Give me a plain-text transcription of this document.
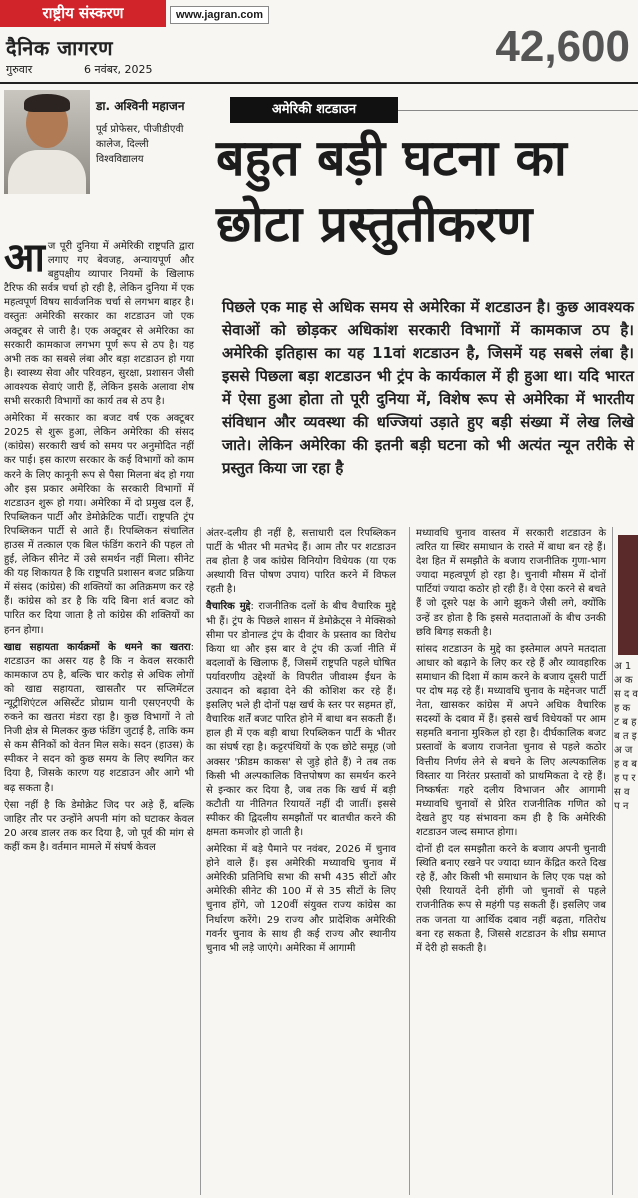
राष्ट्रीय संस्करण	www.jagran.com
दैनिक जागरण
गुरुवार	6 नवंबर, 2025	42,600
डा. अश्विनी महाजन
पूर्व प्रोफेसर, पीजीडीएवी कालेज, दिल्ली विश्वविद्यालय
अमेरिकी शटडाउन
बहुत बड़ी घटना का
छोटा प्रस्तुतीकरण
पिछले एक माह से अधिक समय से अमेरिका में शटडाउन है। कुछ आवश्यक सेवाओं को छोड़कर अधिकांश सरकारी विभागों में कामकाज ठप है। अमेरिकी इतिहास का यह 11वां शटडाउन है, जिसमें यह सबसे लंबा है। इससे पिछला बड़ा शटडाउन भी ट्रंप के कार्यकाल में ही हुआ था। यदि भारत में ऐसा हुआ होता तो पूरी दुनिया में, विशेष रूप से अमेरिका में भारतीय संविधान और व्यवस्था की धज्जियां उड़ाते हुए बड़ी संख्या में लेख लिखे जाते। लेकिन अमेरिका की इतनी बड़ी घटना को भी अत्यंत न्यून तरीके से प्रस्तुत किया जा रहा है

आज पूरी दुनिया में अमेरिकी राष्ट्रपति द्वारा लगाए गए बेवजह, अन्यायपूर्ण और बहुपक्षीय व्यापार नियमों के खिलाफ टैरिफ की सर्वत्र चर्चा हो रही है, लेकिन दुनिया में एक महत्वपूर्ण विषय सार्वजनिक चर्चा से लगभग बाहर है। वस्तुतः अमेरिकी सरकार का शटडाउन जो एक अक्टूबर से जारी है। एक अक्टूबर से अमेरिका का सरकारी कामकाज लगभग पूर्ण रूप से ठप है। यह अभी तक का सबसे लंबा और बड़ा शटडाउन हो गया है। स्वास्थ्य सेवा और परिवहन, सुरक्षा, प्रशासन जैसी आवश्यक सेवाएं जारी हैं, लेकिन इसके अलावा शेष सभी सरकारी विभागों का कार्य तब से ठप है।

अमेरिका में सरकार का बजट वर्ष एक अक्टूबर 2025 से शुरू हुआ, लेकिन अमेरिका की संसद (कांग्रेस) सरकारी खर्च को समय पर अनुमोदित नहीं कर पाई। इस कारण सरकार के कई विभागों को काम करने के लिए कानूनी रूप से पैसा मिलना बंद हो गया और इस प्रकार अमेरिका के सरकारी विभागों में शटडाउन शुरू हो गया। अमेरिका में दो प्रमुख दल हैं, रिपब्लिकन पार्टी और डेमोक्रेटिक पार्टी। राष्ट्रपति ट्रंप रिपब्लिकन पार्टी से आते हैं। रिपब्लिकन संचालित हाउस में तत्काल एक बिल फंडिंग कराने की पहल तो हुई, लेकिन सीनेट में उसे समर्थन नहीं मिला। सीनेट की यह शिकायत है कि राष्ट्रपति प्रशासन बजट प्रक्रिया में संसद (कांग्रेस) की शक्तियों का अतिक्रमण कर रहे हैं। कांग्रेस को डर है कि यदि बिना शर्त बजट को पारित कर दिया जाता है तो कांग्रेस की शक्तियों का हनन होगा।

खाद्य सहायता कार्यक्रमों के थमने का खतरा: शटडाउन का असर यह है कि न केवल सरकारी कामकाज ठप है, बल्कि चार करोड़ से अधिक लोगों को खाद्य सहायता, खासतौर पर सप्लिमेंटल न्यूट्रीशिएंटल असिस्टेंट प्रोग्राम यानी एसएनएपी के रुकने का खतरा मंडरा रहा है। कुछ विभागों ने तो निजी क्षेत्र से मिलकर कुछ फंडिंग जुटाई है, ताकि कम से कम सैनिकों को वेतन मिल सके। सदन (हाउस) के स्पीकर ने सदन को कुछ समय के लिए स्थगित कर दिया है, जिसके कारण यह शटडाउन और आगे भी बढ़ सकता है।

ऐसा नहीं है कि डेमोक्रेट जिद पर अड़े हैं, बल्कि जाहिर तौर पर उन्होंने अपनी मांग को घटाकर केवल 20 अरब डालर तक कर दिया है, जो पूर्व की मांग से कहीं कम है। वर्तमान मामले में संघर्ष केवल

अंतर-दलीय ही नहीं है, सत्ताधारी दल रिपब्लिकन पार्टी के भीतर भी मतभेद हैं। आम तौर पर शटडाउन तब होता है जब कांग्रेस विनियोग विधेयक (या एक अस्थायी वित्त पोषण उपाय) पारित करने में विफल रहती है।

वैचारिक मुद्दे: राजनीतिक दलों के बीच वैचारिक मुद्दे भी हैं। ट्रंप के पिछले शासन में डेमोक्रेट्स ने मेक्सिको सीमा पर डोनाल्ड ट्रंप के दीवार के प्रस्ताव का विरोध किया था और इस बार वे ट्रंप की ऊर्जा नीति में बदलावों के खिलाफ हैं, जिसमें राष्ट्रपति पहले घोषित पर्यावरणीय उद्देश्यों के विपरीत जीवाश्म ईंधन के उत्पादन को बढ़ावा देने की कोशिश कर रहे हैं। इसलिए भले ही दोनों पक्ष खर्च के स्तर पर सहमत हों, वैचारिक शर्तें बजट पारित होने में बाधा बन सकती हैं। हाल ही में एक बड़ी बाधा रिपब्लिकन पार्टी के भीतर का संघर्ष रहा है। कट्टरपंथियों के एक छोटे समूह (जो अक्सर 'फ्रीडम काकस' से जुड़े होते हैं) ने तब तक किसी भी अल्पकालिक वित्तपोषण का समर्थन करने से इन्कार कर दिया है, जब तक कि खर्च में बड़ी कटौती या नीतिगत रियायतें नहीं दी जातीं। इससे स्पीकर की द्विदलीय समझौतों पर बातचीत करने की क्षमता कमजोर हो जाती है।

अमेरिका में बड़े पैमाने पर नवंबर, 2026 में चुनाव होने वाले हैं। इस अमेरिकी मध्यावधि चुनाव में अमेरिकी प्रतिनिधि सभा की सभी 435 सीटों और अमेरिकी सीनेट की 100 में से 35 सीटों के लिए चुनाव होंगे, जो 120वीं संयुक्त राज्य कांग्रेस का निर्धारण करेंगे। 29 राज्य और प्रादेशिक अमेरिकी गवर्नर चुनाव के साथ ही कई राज्य और स्थानीय चुनाव भी लड़े जाएंगे। अमेरिका में आगामी

मध्यावधि चुनाव वास्तव में सरकारी शटडाउन के त्वरित या स्थिर समाधान के रास्ते में बाधा बन रहे हैं। देश हित में समझौते के बजाय राजनीतिक गुणा-भाग ज्यादा महत्वपूर्ण हो रहा है। चुनावी मौसम में दोनों पार्टियां ज्यादा कठोर हो रही हैं। वे ऐसा करने से बचते हैं जो दूसरे पक्ष के आगे झुकने जैसी लगे, क्योंकि उन्हें डर होता है कि इससे मतदाताओं के बीच उनकी छवि बिगड़ सकती है।

सांसद शटडाउन के मुद्दे का इस्तेमाल अपने मतदाता आधार को बढ़ाने के लिए कर रहे हैं और व्यावहारिक समाधान की दिशा में काम करने के बजाय दूसरी पार्टी पर दोष मढ़ रहे हैं। मध्यावधि चुनाव के मद्देनजर पार्टी नेता, खासकर कांग्रेस में अपने अधिक वैचारिक सदस्यों के दबाव में हैं। इससे खर्च विधेयकों पर आम सहमति बनाना मुश्किल हो रहा है। दीर्घकालिक बजट प्रस्तावों के बजाय राजनेता चुनाव से पहले कठोर वित्तीय निर्णय लेने से बचने के लिए अल्पकालिक विस्तार या निरंतर प्रस्तावों को प्राथमिकता दे रहे हैं। निष्कर्षतः गहरे दलीय विभाजन और आगामी मध्यावधि चुनावों से प्रेरित राजनीतिक गणित को देखते हुए यह संभावना कम ही है कि अमेरिकी शटडाउन जल्द समाप्त होगा।

दोनों ही दल समझौता करने के बजाय अपनी चुनावी स्थिति बनाए रखने पर ज्यादा ध्यान केंद्रित करते दिख रहे हैं, और किसी भी समाधान के लिए एक पक्ष को ऐसी रियायतें देनी होंगी जो चुनावों से पहले राजनीतिक रूप से महंगी पड़ सकती हैं। इसलिए जब तक जनता या आर्थिक दबाव नहीं बढ़ता, गतिरोध बना रह सकता है, जिससे शटडाउन के शीघ्र समाप्त में देरी हो सकती है।

अ 1 अ क स द व ह क ट ब ह ब त इ अ ज ह व ब ह प र स व प न
